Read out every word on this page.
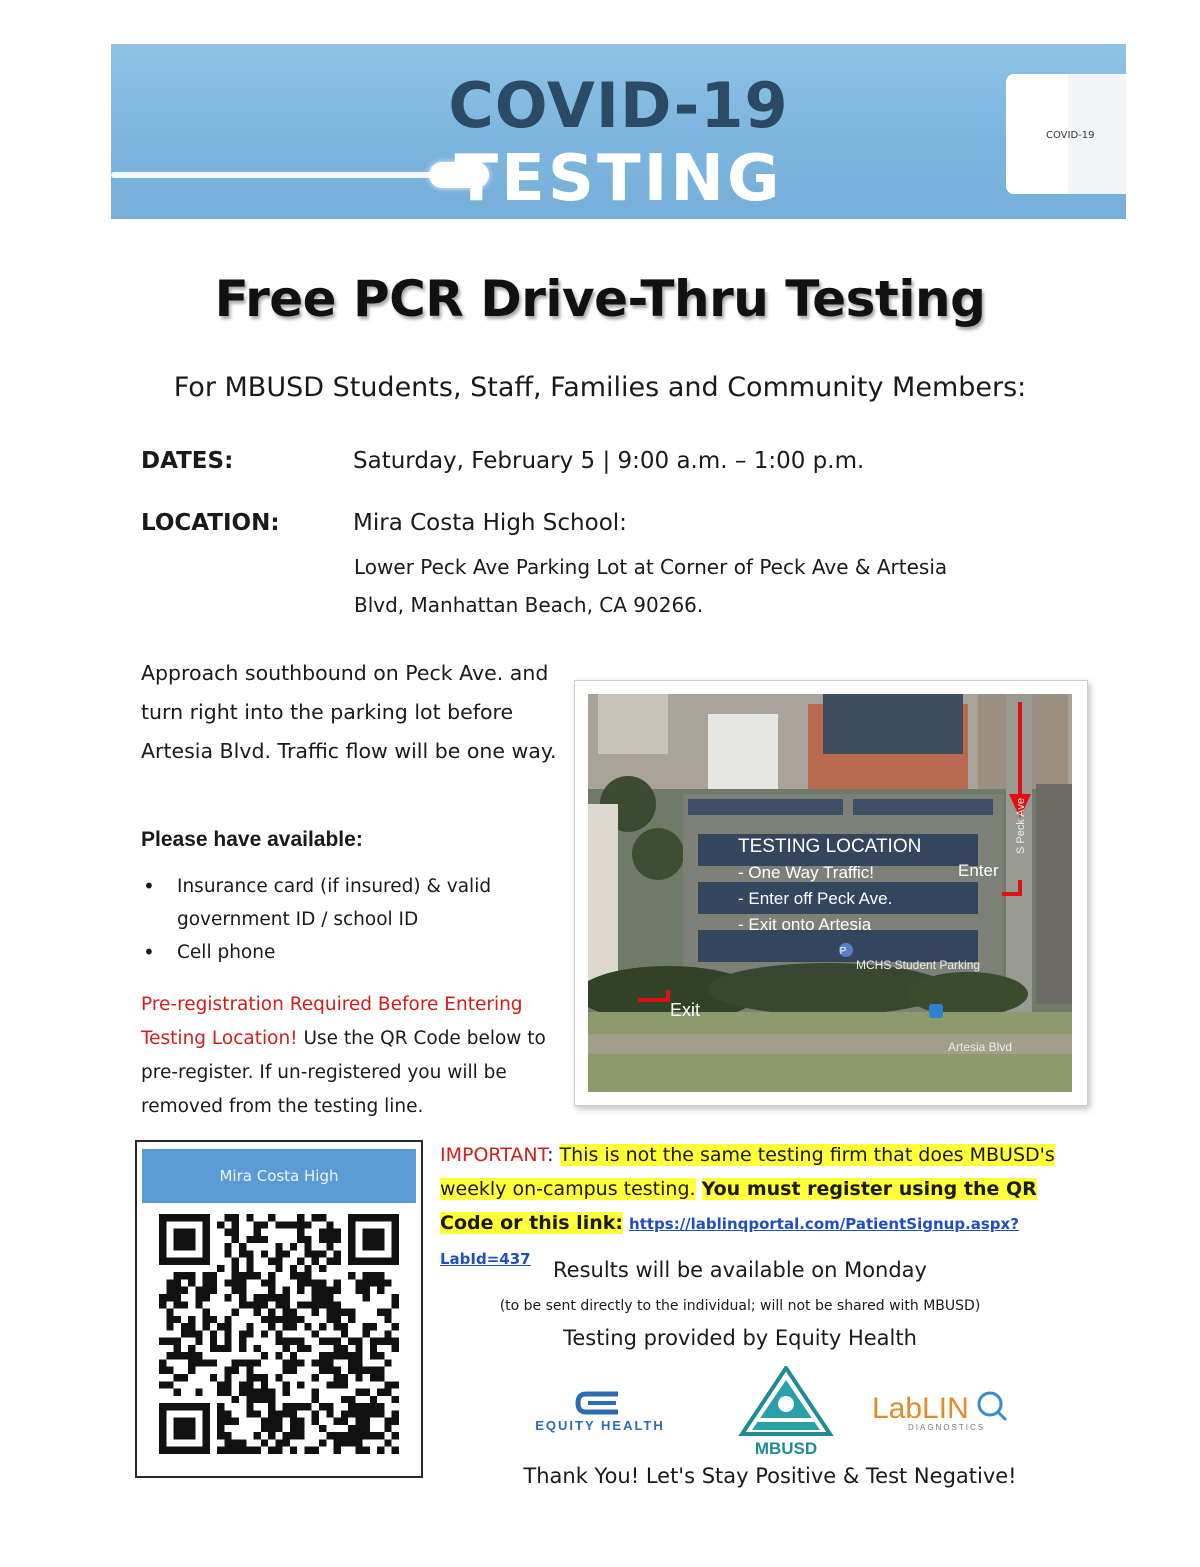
COVID-19
COVID-19
TESTING
Free PCR Drive-Thru Testing
For MBUSD Students, Staff, Families and Community Members:
DATES:	Saturday, February 5 | 9:00 a.m. – 1:00 p.m.
LOCATION:	Mira Costa High School:
Lower Peck Ave Parking Lot at Corner of Peck Ave & Artesia
Blvd, Manhattan Beach, CA 90266.
Approach southbound on Peck Ave. and turn right into the parking lot before Artesia Blvd. Traffic flow will be one way.
Please have available:
• Insurance card (if insured) & valid government ID / school ID
• Cell phone
Pre-registration Required Before Entering Testing Location! Use the QR Code below to pre-register. If un-registered you will be removed from the testing line.
TESTING LOCATION
- One Way Traffic!
- Enter off Peck Ave.
- Exit onto Artesia
Enter
Exit
P
MCHS Student Parking
Artesia Blvd
S Peck Ave
Mira Costa High
IMPORTANT: This is not the same testing firm that does MBUSD's weekly on-campus testing. You must register using the QR Code or this link: https://lablinqportal.com/PatientSignup.aspx?LabId=437	Results will be available on Monday
(to be sent directly to the individual; will not be shared with MBUSD)
Testing provided by Equity Health
EQUITY HEALTH
MBUSD
LabLIN
DIAGNOSTICS
Thank You! Let's Stay Positive & Test Negative!
